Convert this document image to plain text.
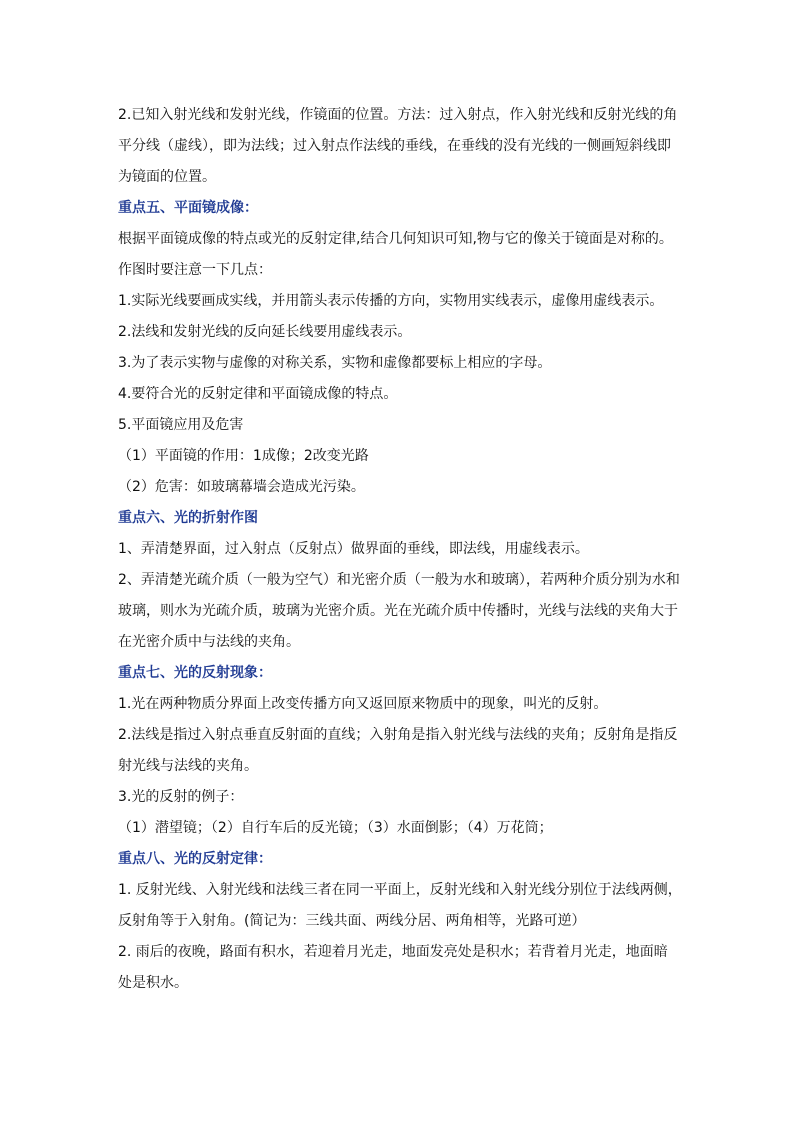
2.已知入射光线和发射光线，作镜面的位置。方法：过入射点，作入射光线和反射光线的角
平分线（虚线），即为法线；过入射点作法线的垂线，在垂线的没有光线的一侧画短斜线即
为镜面的位置。
重点五、平面镜成像：
根据平面镜成像的特点或光的反射定律,结合几何知识可知,物与它的像关于镜面是对称的。
作图时要注意一下几点：
1.实际光线要画成实线，并用箭头表示传播的方向，实物用实线表示，虚像用虚线表示。
2.法线和发射光线的反向延长线要用虚线表示。
3.为了表示实物与虚像的对称关系，实物和虚像都要标上相应的字母。
4.要符合光的反射定律和平面镜成像的特点。
5.平面镜应用及危害
（1）平面镜的作用：1成像；2改变光路
（2）危害：如玻璃幕墙会造成光污染。
重点六、光的折射作图
1、弄清楚界面，过入射点（反射点）做界面的垂线，即法线，用虚线表示。
2、弄清楚光疏介质（一般为空气）和光密介质（一般为水和玻璃），若两种介质分别为水和
玻璃，则水为光疏介质，玻璃为光密介质。光在光疏介质中传播时，光线与法线的夹角大于
在光密介质中与法线的夹角。
重点七、光的反射现象：
1.光在两种物质分界面上改变传播方向又返回原来物质中的现象，叫光的反射。
2.法线是指过入射点垂直反射面的直线；入射角是指入射光线与法线的夹角；反射角是指反
射光线与法线的夹角。
3.光的反射的例子：
（1）潜望镜；（2）自行车后的反光镜；（3）水面倒影；（4）万花筒；
重点八、光的反射定律：
1. 反射光线、入射光线和法线三者在同一平面上，反射光线和入射光线分别位于法线两侧，
反射角等于入射角。(简记为：三线共面、两线分居、两角相等，光路可逆）
2. 雨后的夜晚，路面有积水，若迎着月光走，地面发亮处是积水；若背着月光走，地面暗
处是积水。
